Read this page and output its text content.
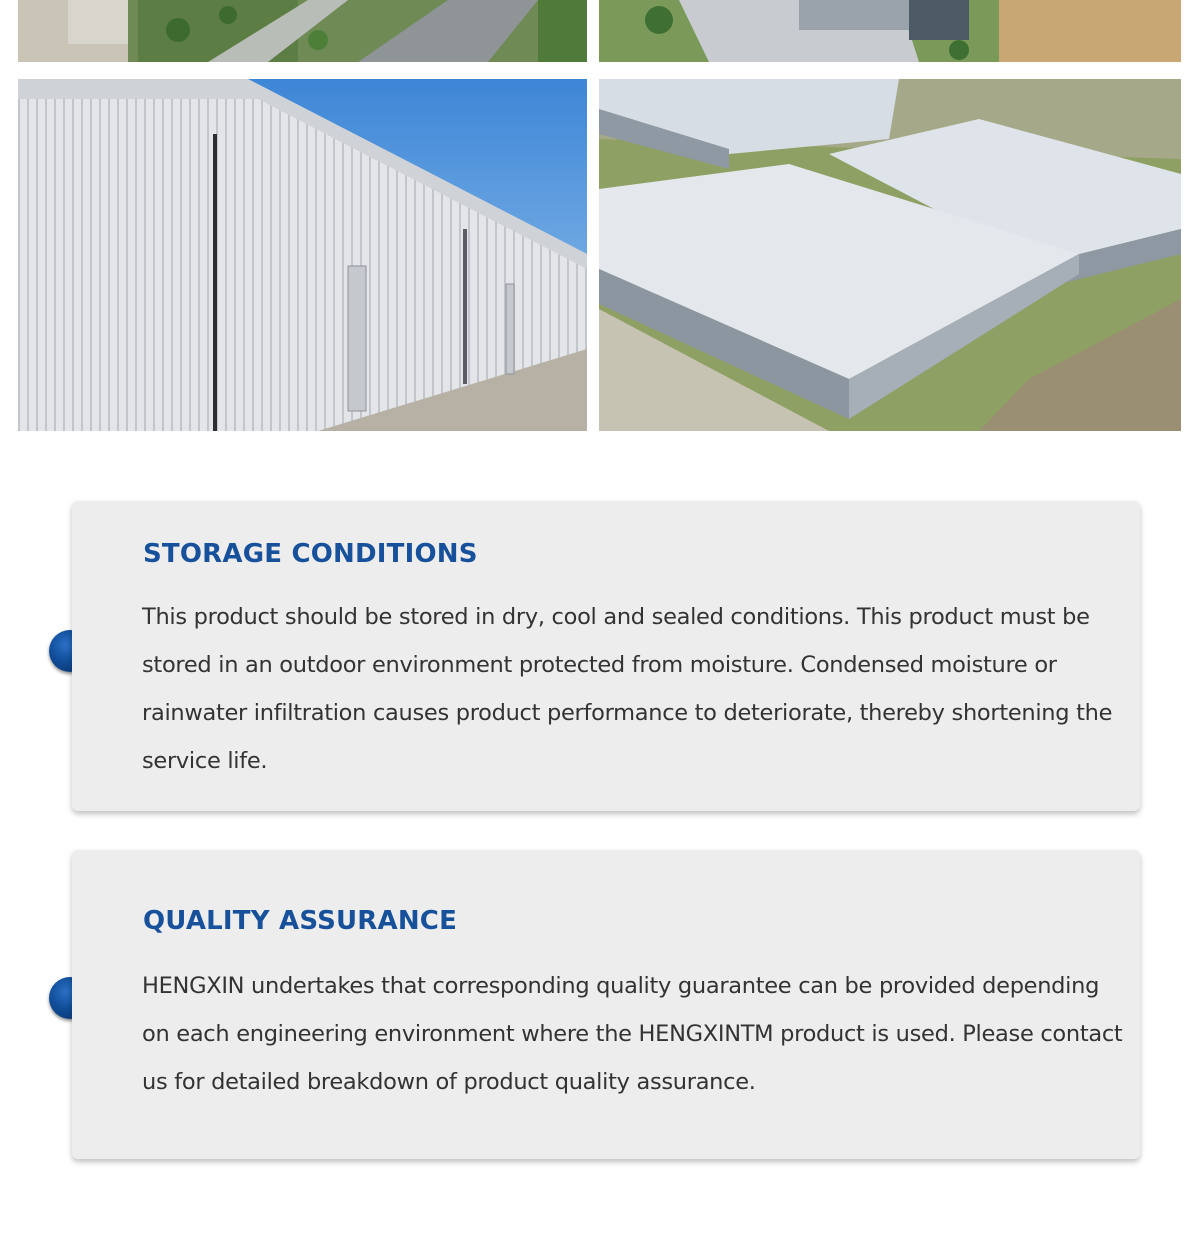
STORAGE CONDITIONS

This product should be stored in dry, cool and sealed conditions. This product must be stored in an outdoor environment protected from moisture. Condensed moisture or rainwater infiltration causes product performance to deteriorate, thereby shortening the service life.

QUALITY ASSURANCE

HENGXIN undertakes that corresponding quality guarantee can be provided depending on each engineering environment where the HENGXINTM product is used. Please contact us for detailed breakdown of product quality assurance.
